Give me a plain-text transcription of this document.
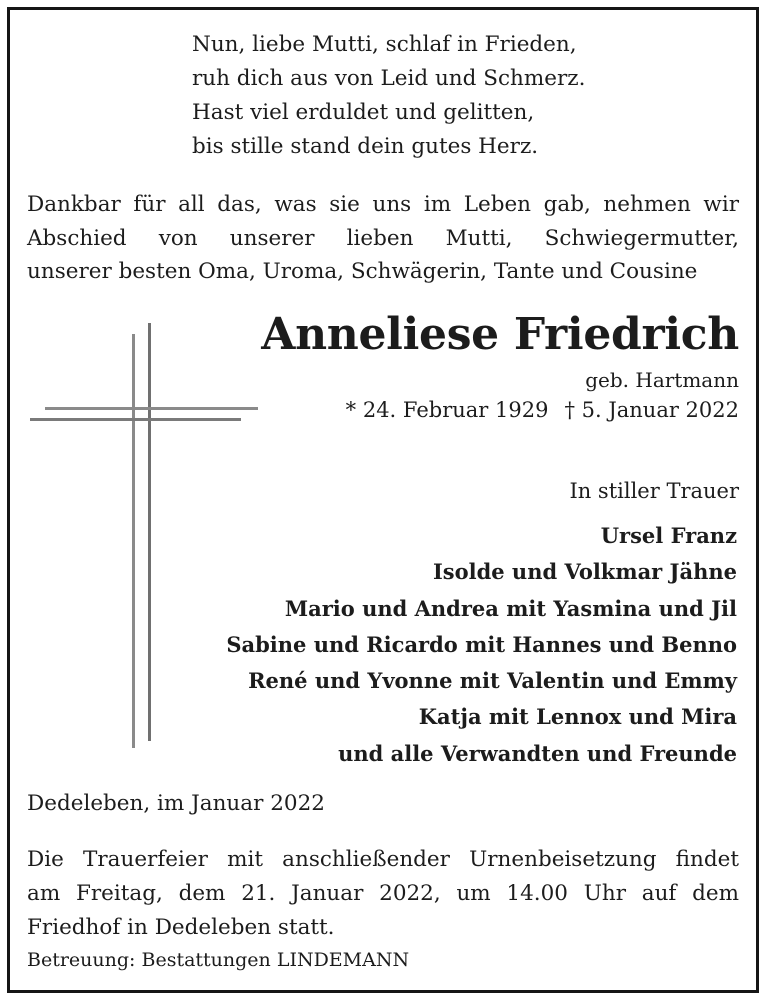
Nun, liebe Mutti, schlaf in Frieden,
ruh dich aus von Leid und Schmerz.
Hast viel erduldet und gelitten,
bis stille stand dein gutes Herz.
Dankbar für all das, was sie uns im Leben gab, nehmen wir
Abschied von unserer lieben Mutti, Schwiegermutter,
unserer besten Oma, Uroma, Schwägerin, Tante und Cousine
Anneliese Friedrich
geb. Hartmann
* 24. Februar 1929 † 5. Januar 2022
In stiller Trauer
Ursel Franz
Isolde und Volkmar Jähne
Mario und Andrea mit Yasmina und Jil
Sabine und Ricardo mit Hannes und Benno
René und Yvonne mit Valentin und Emmy
Katja mit Lennox und Mira
und alle Verwandten und Freunde
Dedeleben, im Januar 2022
Die Trauerfeier mit anschließender Urnenbeisetzung findet
am Freitag, dem 21. Januar 2022, um 14.00 Uhr auf dem
Friedhof in Dedeleben statt.
Betreuung: Bestattungen LINDEMANN
